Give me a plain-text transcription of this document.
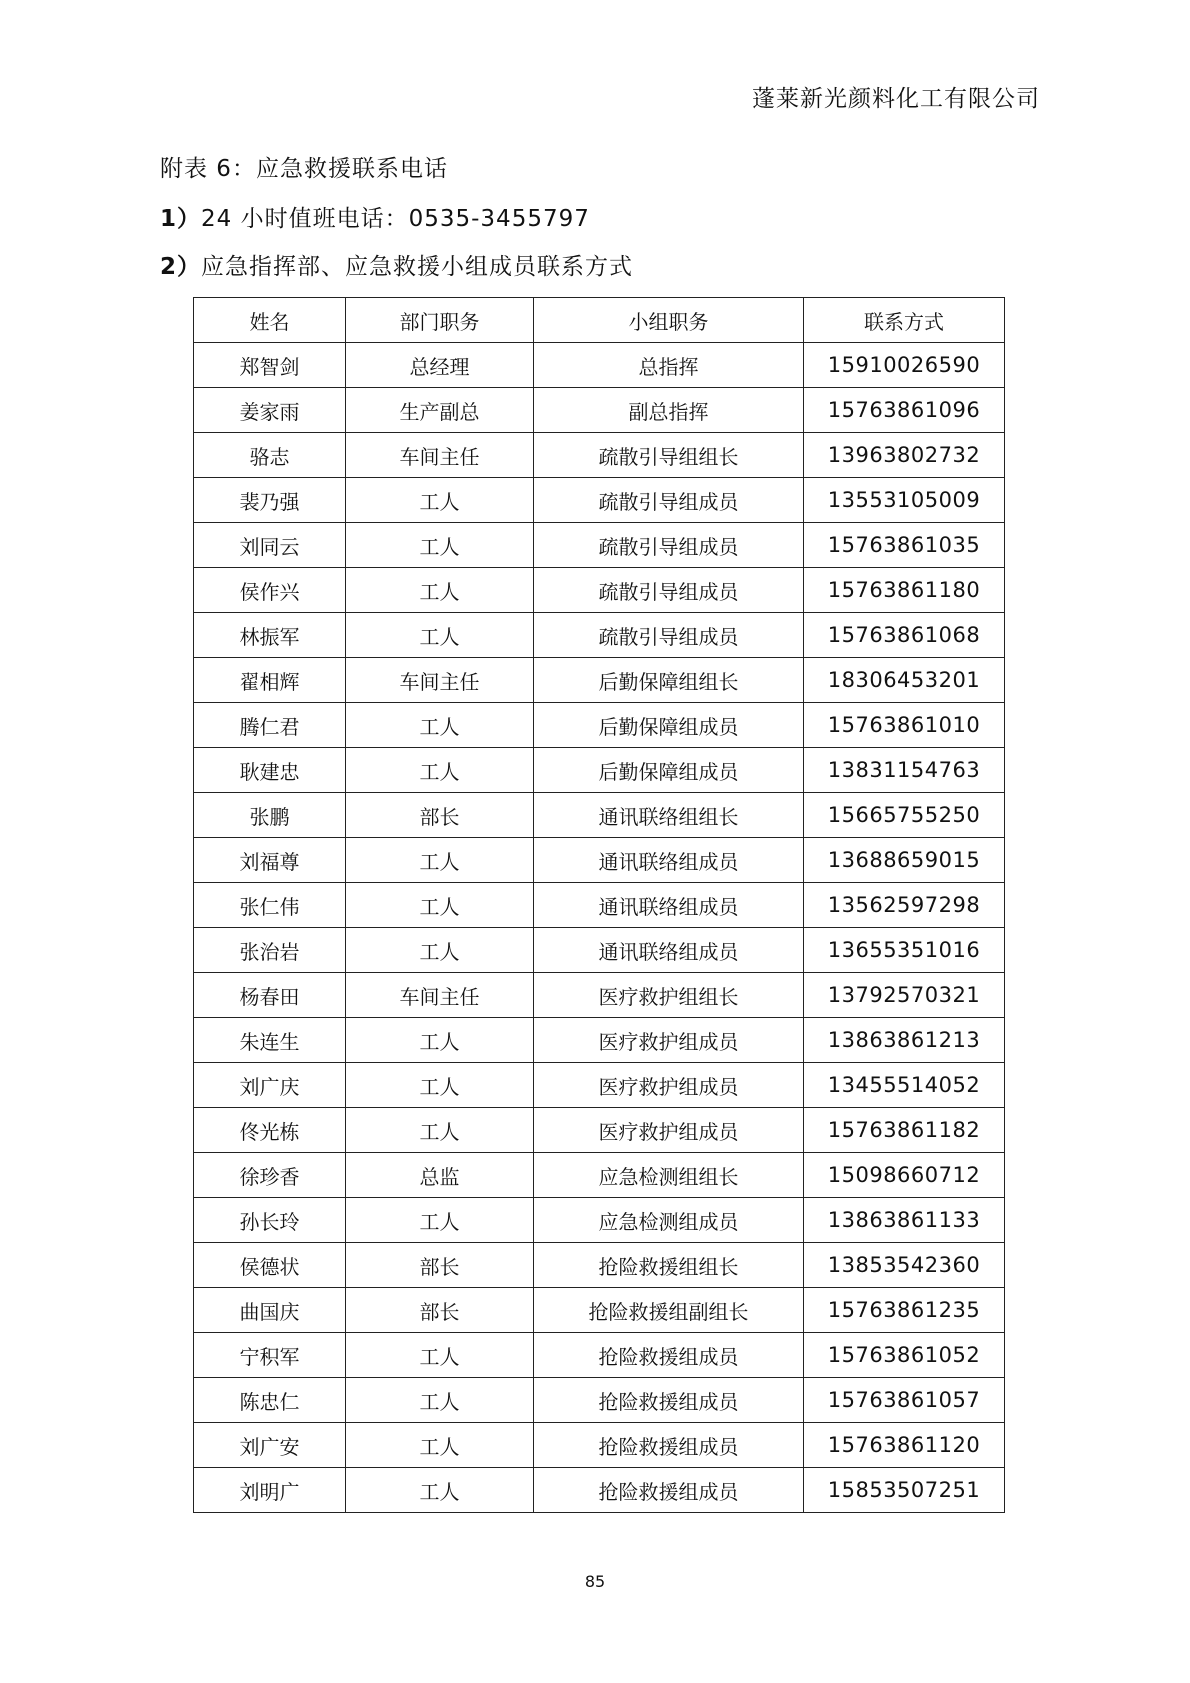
蓬莱新光颜料化工有限公司
附表 6：应急救援联系电话
1）24 小时值班电话：0535-3455797
2）应急指挥部、应急救援小组成员联系方式
姓名	部门职务	小组职务	联系方式
郑智剑	总经理	总指挥	15910026590
姜家雨	生产副总	副总指挥	15763861096
骆志	车间主任	疏散引导组组长	13963802732
裴乃强	工人	疏散引导组成员	13553105009
刘同云	工人	疏散引导组成员	15763861035
侯作兴	工人	疏散引导组成员	15763861180
林振军	工人	疏散引导组成员	15763861068
翟相辉	车间主任	后勤保障组组长	18306453201
腾仁君	工人	后勤保障组成员	15763861010
耿建忠	工人	后勤保障组成员	13831154763
张鹏	部长	通讯联络组组长	15665755250
刘福尊	工人	通讯联络组成员	13688659015
张仁伟	工人	通讯联络组成员	13562597298
张治岩	工人	通讯联络组成员	13655351016
杨春田	车间主任	医疗救护组组长	13792570321
朱连生	工人	医疗救护组成员	13863861213
刘广庆	工人	医疗救护组成员	13455514052
佟光栋	工人	医疗救护组成员	15763861182
徐珍香	总监	应急检测组组长	15098660712
孙长玲	工人	应急检测组成员	13863861133
侯德状	部长	抢险救援组组长	13853542360
曲国庆	部长	抢险救援组副组长	15763861235
宁积军	工人	抢险救援组成员	15763861052
陈忠仁	工人	抢险救援组成员	15763861057
刘广安	工人	抢险救援组成员	15763861120
刘明广	工人	抢险救援组成员	15853507251
85
